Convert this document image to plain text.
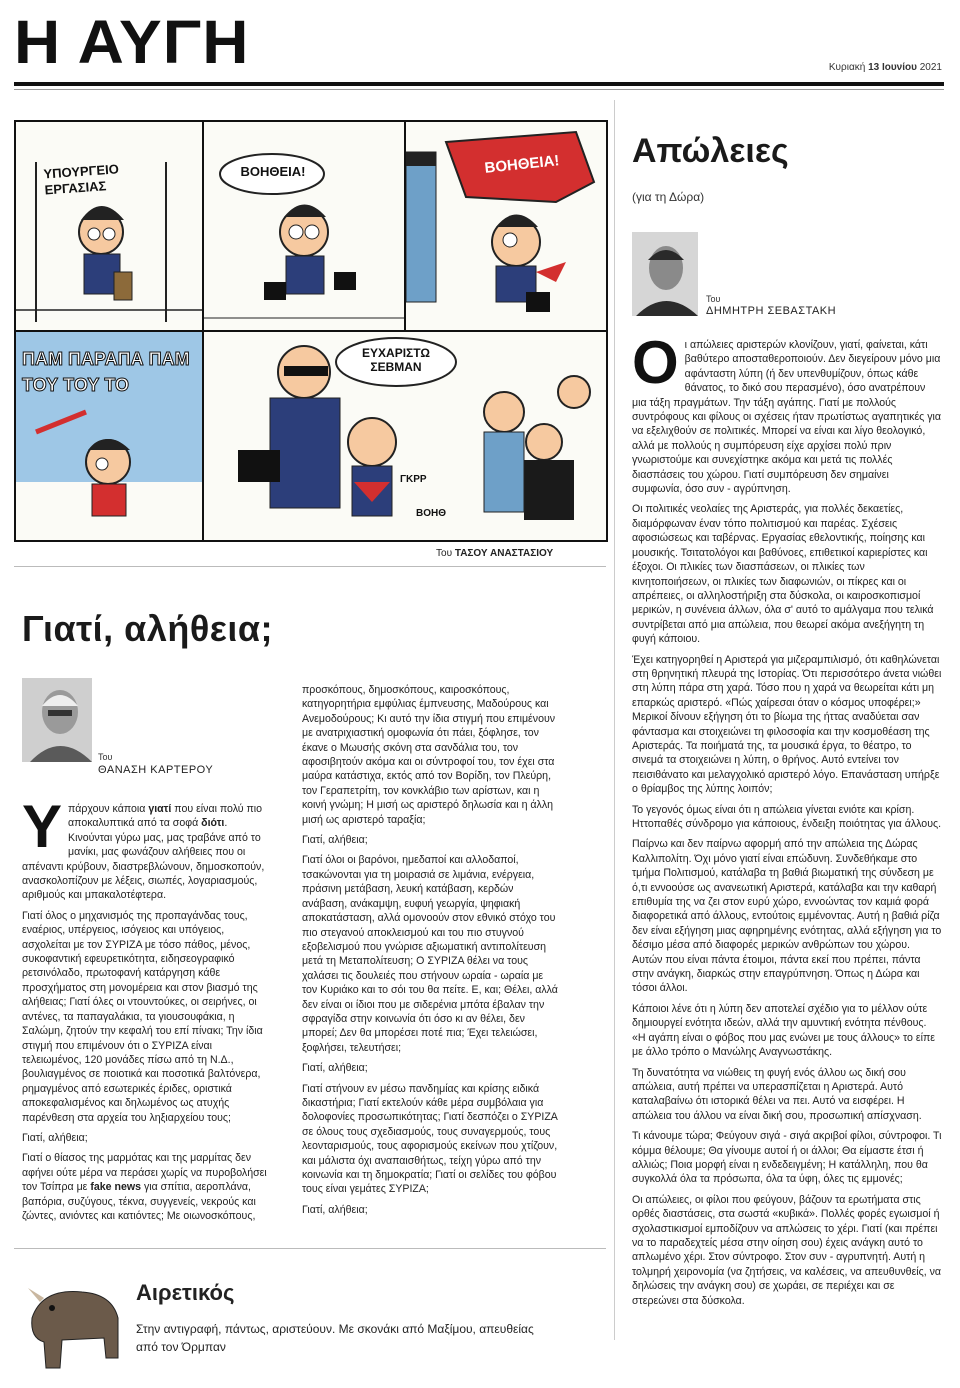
Η ΑΥΓΗ	Κυριακή 13 Ιουνίου 2021
ΥΠΟΥΡΓΕΙΟ ΕΡΓΑΣΙΑΣ
ΒΟΗΘΕΙΑ!	ΒΟΗΘΕΙΑ!
ΠΑΜ ΠΑΡΑΠΑ ΠΑΜ ΤΟΥ ΤΟΥ ΤΟ
ΕΥΧΑΡΙΣΤΩ ΣΕΒΜΑΝ
ΓΚΡΡ
ΒΟΗΘ
Του ΤΑΣΟΥ ΑΝΑΣΤΑΣΙΟΥ
Γιατί, αλήθεια;
Του
ΘΑΝΑΣΗ ΚΑΡΤΕΡΟΥ

Υπάρχουν κάποια γιατί που είναι πολύ πιο αποκαλυπτικά από τα σοφά διότι. Κινούνται γύρω μας, μας τραβάνε από το μανίκι, μας φωνάζουν αλήθειες που οι απέναντι κρύβουν, διαστρεβλώνουν, δημοσκοπούν, ανασκολοπίζουν με λέξεις, σιωπές, λογαριασμούς, αριθμούς και μπακαλοτέφτερα.

Γιατί όλος ο μηχανισμός της προπαγάνδας τους, εναέριος, υπέργειος, ισόγειος και υπόγειος, ασχολείται με τον ΣΥΡΙΖΑ με τόσο πάθος, μένος, συκοφαντική εφευρετικότητα, ειδησεογραφικό ρετσινόλαδο, πρωτοφανή κατάργηση κάθε προσχήματος στη μονομέρεια και στον βιασμό της αλήθειας; Γιατί όλες οι ντουντούκες, οι σειρήνες, οι αντένες, τα παπαγαλάκια, τα γιουσουφάκια, η Σαλώμη, ζητούν την κεφαλή του επί πίνακι; Την ίδια στιγμή που επιμένουν ότι ο ΣΥΡΙΖΑ είναι τελειωμένος, 120 μονάδες πίσω από τη Ν.Δ., βουλιαγμένος σε ποιοτικά και ποσοτικά βαλτόνερα, ρημαγμένος από εσωτερικές έριδες, οριστικά αποκεφαλισμένος και δηλωμένος ως ατυχής παρένθεση στα αρχεία του ληξιαρχείου τους;

Γιατί, αλήθεια;

Γιατί ο θίασος της μαρμότας και της μαρμίτας δεν αφήνει ούτε μέρα να περάσει χωρίς να πυροβολήσει τον Τσίπρα με fake news για σπίτια, αεροπλάνα, βαπόρια, συζύγους, τέκνα, συγγενείς, νεκρούς και ζώντες, ανιόντες και κατιόντες; Με οιωνοσκόπους,

προσκόπους, δημοσκόπους, καιροσκόπους, κατηγορητήρια εμφύλιας έμπνευσης, Μαδούρους και Ανεμοδούρους; Κι αυτό την ίδια στιγμή που επιμένουν με ανατριχιαστική ομοφωνία ότι πάει, ξόφλησε, τον έκανε ο Μωυσής σκόνη στα σανδάλια του, τον αφοσιβητούν ακόμα και οι σύντροφοί του, τον έχει στα μαύρα κατάστιχα, εκτός από τον Βορίδη, τον Πλεύρη, τον Γεραπετρίτη, τον κονκλάβιο των αρίστων, και η κοινή γνώμη; Η μισή ως αριστερό δηλωσία και η άλλη μισή ως αριστερό ταραξία;

Γιατί, αλήθεια;

Γιατί όλοι οι βαρόνοι, ημεδαποί και αλλοδαποί, τσακώνονται για τη μοιρασιά σε λιμάνια, ενέργεια, πράσινη μετάβαση, λευκή κατάβαση, κερδών ανάβαση, ανάκαμψη, ευφυή γεωργία, ψηφιακή αποκατάσταση, αλλά ομονοούν στον εθνικό στόχο του πιο στεγανού αποκλεισμού και του πιο στυγνού εξοβελισμού που γνώρισε αξιωματική αντιπολίτευση μετά τη Μεταπολίτευση; Ο ΣΥΡΙΖΑ θέλει να τους χαλάσει τις δουλειές που στήνουν ωραία - ωραία με τον Κυριάκο και το σόι του θα πείτε. Ε, και; Θέλει, αλλά δεν είναι οι ίδιοι που με σιδερένια μπότα έβαλαν την σφραγίδα στην κοινωνία ότι όσο κι αν θέλει, δεν μπορεί; Δεν θα μπορέσει ποτέ πια; Έχει τελειώσει, ξοφλήσει, τελευτήσει;

Γιατί, αλήθεια;

Γιατί στήνουν εν μέσω πανδημίας και κρίσης ειδικά δικαστήρια; Γιατί εκτελούν κάθε μέρα συμβόλαια για δολοφονίες προσωπικότητας; Γιατί δεσπόζει ο ΣΥΡΙΖΑ σε όλους τους σχεδιασμούς, τους συναγερμούς, τους λεονταρισμούς, τους αφορισμούς εκείνων που χτίζουν, και μάλιστα όχι αναπαισθήτως, τείχη γύρω από την κοινωνία και τη δημοκρατία; Γιατί οι σελίδες του φόβου τους είναι γεμάτες ΣΥΡΙΖΑ;

Γιατί, αλήθεια;

Απώλειες
(για τη Δώρα)
Του
ΔΗΜΗΤΡΗ ΣΕΒΑΣΤΑΚΗ

Οι απώλειες αριστερών κλονίζουν, γιατί, φαίνεται, κάτι βαθύτερο αποσταθεροποιούν. Δεν διεγείρουν μόνο μια αφάνταστη λύπη (ή δεν υπενθυμίζουν, όπως κάθε θάνατος, το δικό σου περασμένο), όσο ανατρέπουν μια τάξη πραγμάτων. Την τάξη αγάπης. Γιατί με πολλούς συντρόφους και φίλους οι σχέσεις ήταν πρωτίστως αγαπητικές για να εξελιχθούν σε πολιτικές. Μπορεί να είναι και λίγο θεολογικό, αλλά με πολλούς η συμπόρευση είχε αρχίσει πολύ πριν γνωριστούμε και συνεχίστηκε ακόμα και μετά τις πολλές διασπάσεις του χώρου. Γιατί συμπόρευση δεν σημαίνει συμφωνία, όσο συν - αγρύπνηση.

Οι πολιτικές νεολαίες της Αριστεράς, για πολλές δεκαετίες, διαμόρφωναν έναν τόπο πολιτισμού και παρέας. Σχέσεις αφοσιώσεως και ταβέρνας. Εργασίας εθελοντικής, ποίησης και μουσικής. Τσιτατολόγοι και βαθύνοες, επιθετικοί καριερίστες και έξοχοι. Οι πλικίες των διασπάσεων, οι πλικίες των κινητοποιήσεων, οι πλικίες των διαφωνιών, οι πίκρες και οι απρέπειες, οι αλληλοστήριξη στα δύσκολα, οι καιροσκοπισμοί μερικών, η συνένεια άλλων, όλα σ' αυτό το αμάλγαμα που τελικά συντρίβεται από μια απώλεια, που θεωρεί ακόμα ανεξήγητη τη φυγή κάποιου.

Έχει κατηγορηθεί η Αριστερά για μιζεραμπιλισμό, ότι καθηλώνεται στη θρηνητική πλευρά της Ιστορίας. Ότι περισσότερο άνετα νιώθει στη λύπη πάρα στη χαρά. Τόσο που η χαρά να θεωρείται κάτι μη επαρκώς αριστερό. «Πώς χαίρεσαι όταν ο κόσμος υποφέρει;» Μερικοί δίνουν εξήγηση ότι το βίωμα της ήττας αναδύεται σαν φάντασμα και στοιχειώνει τη φιλοσοφία και την κοσμοθέαση της Αριστεράς. Τα ποιήματά της, τα μουσικά έργα, το θέατρο, το σινεμά τα στοιχειώνει η λύπη, ο θρήνος. Αυτό εντείνει τον πεισιθάνατο και μελαγχολικό αριστερό λόγο. Επανάσταση υπήρξε ο θρίαμβος της λύπης λοιπόν;

Το γεγονός όμως είναι ότι η απώλεια γίνεται ενιότε και κρίση. Ηττοπαθές σύνδρομο για κάποιους, ένδειξη ποιότητας για άλλους.

Παίρνω και δεν παίρνω αφορμή από την απώλεια της Δώρας Καλλιπολίτη. Όχι μόνο γιατί είναι επώδυνη. Συνδεθήκαμε στο τμήμα Πολιτισμού, κατάλαβα τη βαθιά βιωματική της σύνδεση με ό,τι εννοούσε ως ανανεωτική Αριστερά, κατάλαβα και την καθαρή επιθυμία της να ζει στον ευρύ χώρο, εννοώντας τον καμιά φορά διαφορετικά από άλλους, εντούτοις εμμένοντας. Αυτή η βαθιά ρίζα δεν είναι εξήγηση μιας αφηρημένης ενότητας, αλλά εξήγηση για το δέσιμο μέσα από διαφορές μερικών ανθρώπων του χώρου. Αυτών που είναι πάντα έτοιμοι, πάντα εκεί που πρέπει, πάντα στην ανάγκη, διαρκώς στην επαγρύπνηση. Όπως η Δώρα και τόσοι άλλοι.

Κάποιοι λένε ότι η λύπη δεν αποτελεί σχέδιο για το μέλλον ούτε δημιουργεί ενότητα ιδεών, αλλά την αμυντική ενότητα πένθους. «Η αγάπη είναι ο φόβος που μας ενώνει με τους άλλους» το είπε με άλλο τρόπο ο Μανώλης Αναγνωστάκης.

Τη δυνατότητα να νιώθεις τη φυγή ενός άλλου ως δική σου απώλεια, αυτή πρέπει να υπερασπίζεται η Αριστερά. Αυτό καταλαβαίνω ότι ιστορικά θέλει να πει. Αυτό να εισφέρει. Η απώλεια του άλλου να είναι δική σου, προσωπική απίσχναση.

Τι κάνουμε τώρα; Φεύγουν σιγά - σιγά ακριβοί φίλοι, σύντροφοι. Τι κόμμα θέλουμε; Θα γίνουμε αυτοί ή οι άλλοι; Θα είμαστε έτσι ή αλλιώς; Ποια μορφή είναι η ενδεδειγμένη; Η κατάλληλη, που θα συγκολλά όλα τα πρόσωπα, όλα τα ύφη, όλες τις εμμονές;

Οι απώλειες, οι φίλοι που φεύγουν, βάζουν τα ερωτήματα στις ορθές διαστάσεις, στα σωστά «κυβικά». Πολλές φορές εγωισμοί ή σχολαστικισμοί εμποδίζουν να απλώσεις το χέρι. Γιατί (και πρέπει να το παραδεχτείς μέσα στην οίηση σου) έχεις ανάγκη αυτό το απλωμένο χέρι. Στον σύντροφο. Στον συν - αγρυπνητή. Αυτή η τολμηρή χειρονομία (να ζητήσεις, να καλέσεις, να απευθυνθείς, να δηλώσεις την ανάγκη σου) σε χωράει, σε περιέχει και σε στερεώνει στα δύσκολα.

Αιρετικός
Στην αντιγραφή, πάντως, αριστεύουν. Με σκονάκι από Μαξίμου, απευθείας από τον Όρμπαν
